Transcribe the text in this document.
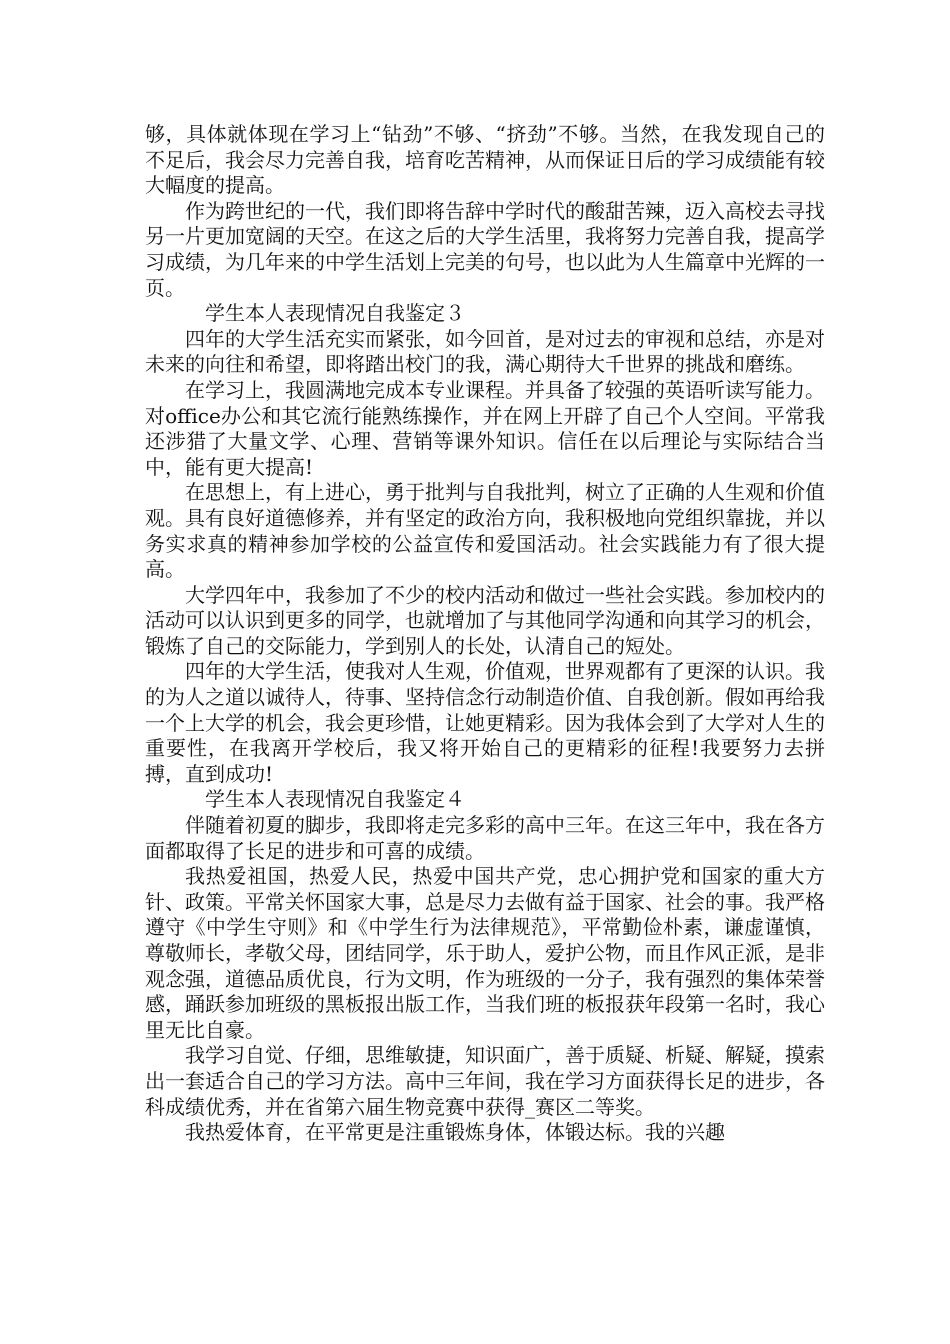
够，具体就体现在学习上“钻劲”不够、“挤劲”不够。当然，在我发现自己的不足后，我会尽力完善自我，培育吃苦精神，从而保证日后的学习成绩能有较大幅度的提高。

作为跨世纪的一代，我们即将告辞中学时代的酸甜苦辣，迈入高校去寻找另一片更加宽阔的天空。在这之后的大学生活里，我将努力完善自我，提高学习成绩，为几年来的中学生活划上完美的句号，也以此为人生篇章中光辉的一页。

学生本人表现情况自我鉴定３

四年的大学生活充实而紧张，如今回首，是对过去的审视和总结，亦是对未来的向往和希望，即将踏出校门的我，满心期待大千世界的挑战和磨练。

在学习上，我圆满地完成本专业课程。并具备了较强的英语听读写能力。对office办公和其它流行能熟练操作，并在网上开辟了自己个人空间。平常我还涉猎了大量文学、心理、营销等课外知识。信任在以后理论与实际结合当中，能有更大提高!

在思想上，有上进心，勇于批判与自我批判，树立了正确的人生观和价值观。具有良好道德修养，并有坚定的政治方向，我积极地向党组织靠拢，并以务实求真的精神参加学校的公益宣传和爱国活动。社会实践能力有了很大提高。

大学四年中，我参加了不少的校内活动和做过一些社会实践。参加校内的活动可以认识到更多的同学，也就增加了与其他同学沟通和向其学习的机会，锻炼了自己的交际能力，学到别人的长处，认清自己的短处。

四年的大学生活，使我对人生观，价值观，世界观都有了更深的认识。我的为人之道以诚待人，待事、坚持信念行动制造价值、自我创新。假如再给我一个上大学的机会，我会更珍惜，让她更精彩。因为我体会到了大学对人生的重要性，在我离开学校后，我又将开始自己的更精彩的征程!我要努力去拼搏，直到成功!

学生本人表现情况自我鉴定４

伴随着初夏的脚步，我即将走完多彩的高中三年。在这三年中，我在各方面都取得了长足的进步和可喜的成绩。

我热爱祖国，热爱人民，热爱中国共产党，忠心拥护党和国家的重大方针、政策。平常关怀国家大事，总是尽力去做有益于国家、社会的事。我严格遵守《中学生守则》和《中学生行为法律规范》，平常勤俭朴素，谦虚谨慎，尊敬师长，孝敬父母，团结同学，乐于助人，爱护公物，而且作风正派，是非观念强，道德品质优良，行为文明，作为班级的一分子，我有强烈的集体荣誉感，踊跃参加班级的黑板报出版工作，当我们班的板报获年段第一名时，我心里无比自豪。

我学习自觉、仔细，思维敏捷，知识面广，善于质疑、析疑、解疑，摸索出一套适合自己的学习方法。高中三年间，我在学习方面获得长足的进步，各科成绩优秀，并在省第六届生物竞赛中获得_赛区二等奖。

我热爱体育，在平常更是注重锻炼身体，体锻达标。我的兴趣
